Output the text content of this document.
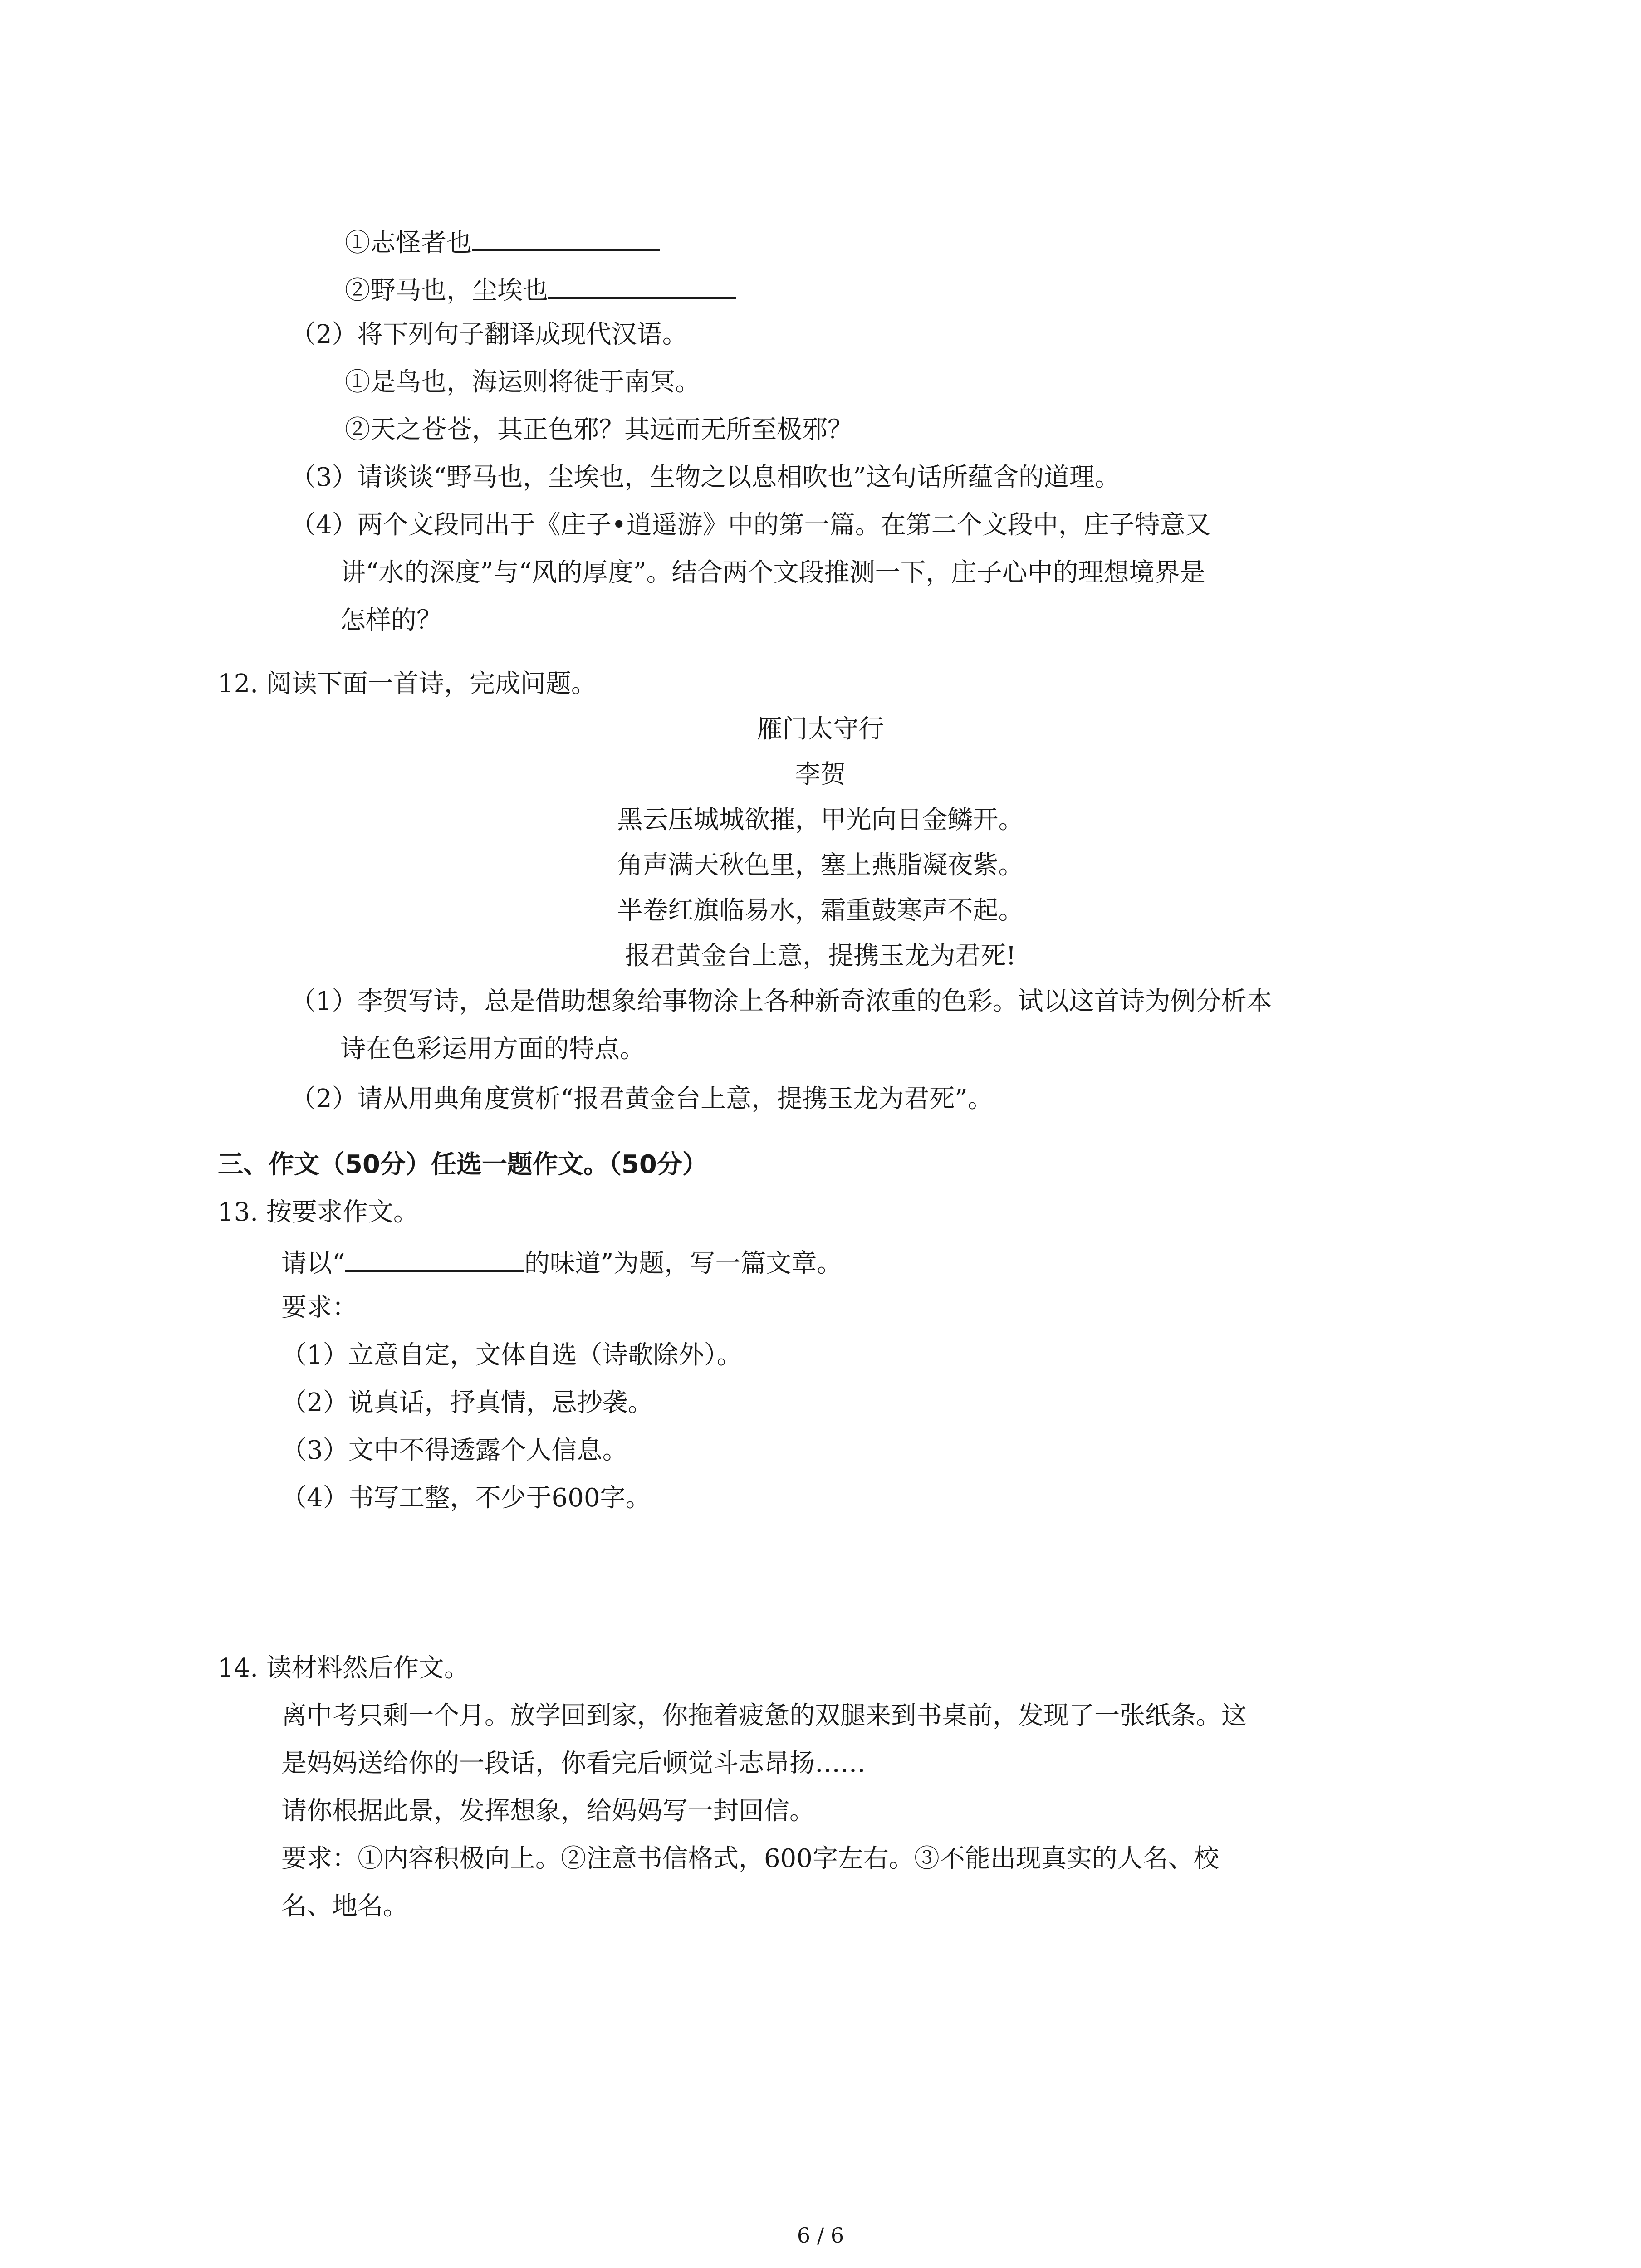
①志怪者也
②野马也，尘埃也
（2）将下列句子翻译成现代汉语。
①是鸟也，海运则将徙于南冥。
②天之苍苍，其正色邪？其远而无所至极邪？
（3）请谈谈“野马也，尘埃也，生物之以息相吹也”这句话所蕴含的道理。
（4）两个文段同出于《庄子•逍遥游》中的第一篇。在第二个文段中，庄子特意又
讲“水的深度”与“风的厚度”。结合两个文段推测一下，庄子心中的理想境界是
怎样的？
12. 阅读下面一首诗，完成问题。
雁门太守行
李贺
黑云压城城欲摧，甲光向日金鳞开。
角声满天秋色里，塞上燕脂凝夜紫。
半卷红旗临易水，霜重鼓寒声不起。
报君黄金台上意，提携玉龙为君死!
（1）李贺写诗，总是借助想象给事物涂上各种新奇浓重的色彩。试以这首诗为例分析本
诗在色彩运用方面的特点。
（2）请从用典角度赏析“报君黄金台上意，提携玉龙为君死”。
三、作文（50分）任选一题作文。（50分）
13. 按要求作文。
请以“	的味道”为题，写一篇文章。
要求：
（1）立意自定，文体自选（诗歌除外）。
（2）说真话，抒真情，忌抄袭。
（3）文中不得透露个人信息。
（4）书写工整，不少于600字。
14. 读材料然后作文。
离中考只剩一个月。放学回到家，你拖着疲惫的双腿来到书桌前，发现了一张纸条。这
是妈妈送给你的一段话，你看完后顿觉斗志昂扬……
请你根据此景，发挥想象，给妈妈写一封回信。
要求：①内容积极向上。②注意书信格式，600字左右。③不能出现真实的人名、校
名、地名。
6 / 6
